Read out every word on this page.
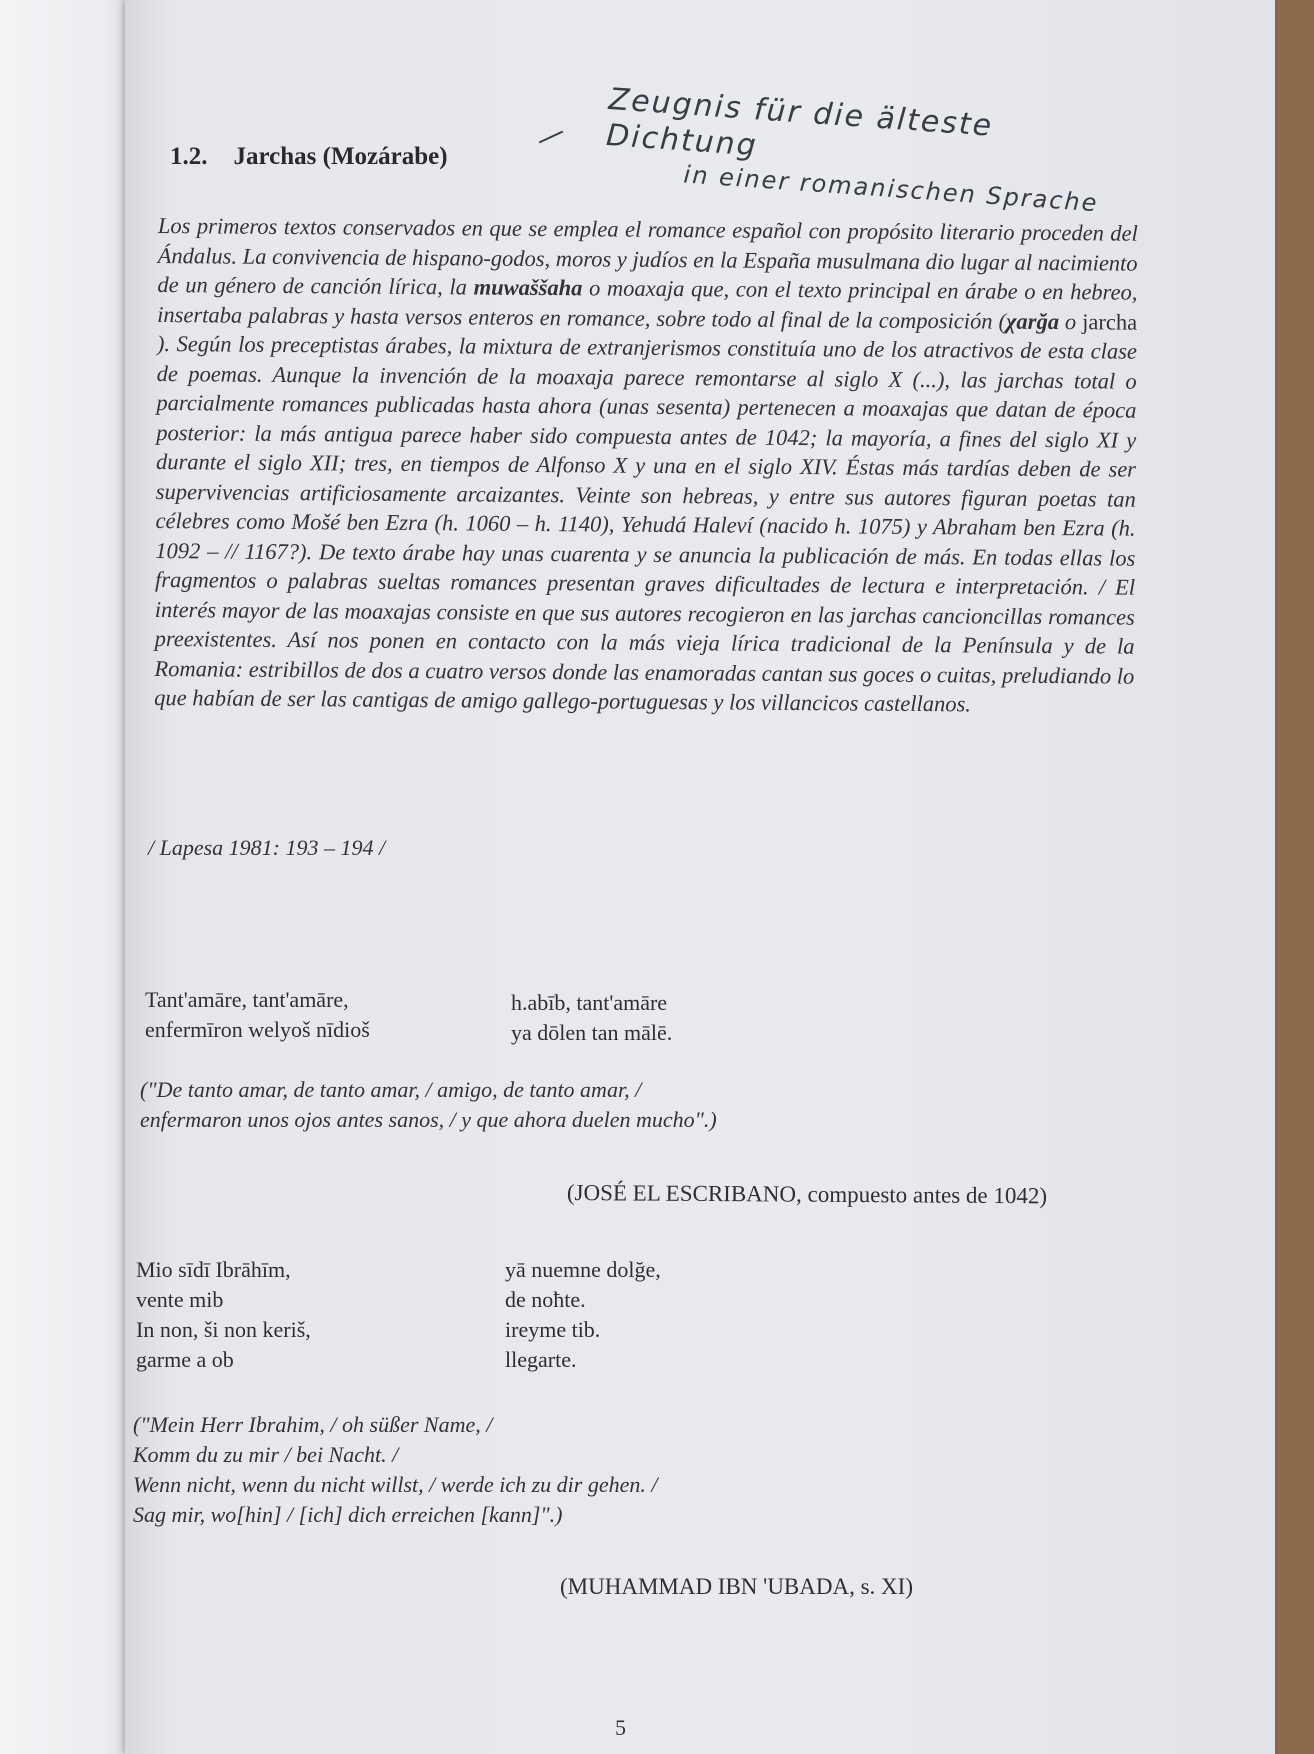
Zeugnis für die älteste Dichtung
in einer romanischen Sprache
1.2. Jarchas (Mozárabe)
Los primeros textos conservados en que se emplea el romance español con propósito literario proceden del Ándalus. La convivencia de hispano-godos, moros y judíos en la España musulmana dio lugar al nacimiento de un género de canción lírica, la muwaššaha o moaxaja que, con el texto principal en árabe o en hebreo, insertaba palabras y hasta versos enteros en romance, sobre todo al final de la composición (χarğa o jarcha ). Según los preceptistas árabes, la mixtura de extranjerismos constituía uno de los atractivos de esta clase de poemas. Aunque la invención de la moaxaja parece remontarse al siglo X (...), las jarchas total o parcialmente romances publicadas hasta ahora (unas sesenta) pertenecen a moaxajas que datan de época posterior: la más antigua parece haber sido compuesta antes de 1042; la mayoría, a fines del siglo XI y durante el siglo XII; tres, en tiempos de Alfonso X y una en el siglo XIV. Éstas más tardías deben de ser supervivencias artificiosamente arcaizantes. Veinte son hebreas, y entre sus autores figuran poetas tan célebres como Mošé ben Ezra (h. 1060 – h. 1140), Yehudá Haleví (nacido h. 1075) y Abraham ben Ezra (h. 1092 – // 1167?). De texto árabe hay unas cuarenta y se anuncia la publicación de más. En todas ellas los fragmentos o palabras sueltas romances presentan graves dificultades de lectura e interpretación. / El interés mayor de las moaxajas consiste en que sus autores recogieron en las jarchas cancioncillas romances preexistentes. Así nos ponen en contacto con la más vieja lírica tradicional de la Península y de la Romania: estribillos de dos a cuatro versos donde las enamoradas cantan sus goces o cuitas, preludiando lo que habían de ser las cantigas de amigo gallego-portuguesas y los villancicos castellanos.
/ Lapesa 1981: 193 – 194 /
Tant'amāre, tant'amāre,
enfermīron welyoš nīdioš
h.abīb, tant'amāre
ya dōlen tan mālē.
("De tanto amar, de tanto amar, / amigo, de tanto amar, /
enfermaron unos ojos antes sanos, / y que ahora duelen mucho".)
(JOSÉ EL ESCRIBANO, compuesto antes de 1042)
Mio sīdī Ibrāhīm,
vente mib
In non, ši non keriš,
garme a ob
yā nuemne dolğe,
de noħte.
ireyme tib.
llegarte.
("Mein Herr Ibrahim, / oh süßer Name, /
Komm du zu mir / bei Nacht. /
Wenn nicht, wenn du nicht willst, / werde ich zu dir gehen. /
Sag mir, wo[hin] / [ich] dich erreichen [kann]".)
(MUHAMMAD IBN 'UBADA, s. XI)
5
